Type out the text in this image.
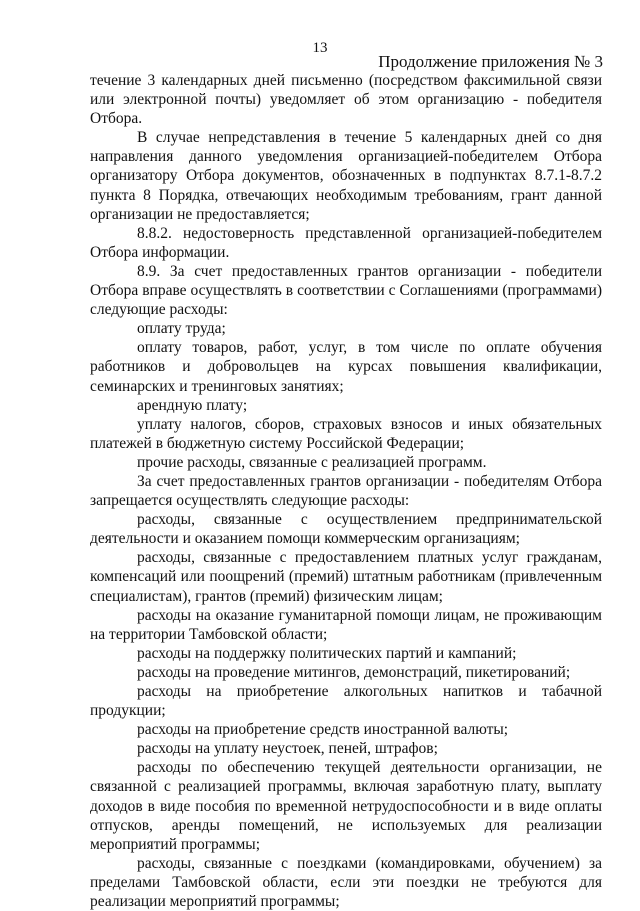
13
Продолжение приложения № 3

течение 3 календарных дней письменно (посредством факсимильной связи или электронной почты) уведомляет об этом организацию - победителя Отбора.

В случае непредставления в течение 5 календарных дней со дня направления данного уведомления организацией-победителем Отбора организатору Отбора документов, обозначенных в подпунктах 8.7.1-8.7.2 пункта 8 Порядка, отвечающих необходимым требованиям, грант данной организации не предоставляется;

8.8.2. недостоверность представленной организацией-победителем Отбора информации.

8.9. За счет предоставленных грантов организации - победители Отбора вправе осуществлять в соответствии с Соглашениями (программами) следующие расходы:

оплату труда;

оплату товаров, работ, услуг, в том числе по оплате обучения работников и добровольцев на курсах повышения квалификации, семинарских и тренинговых занятиях;

арендную плату;

уплату налогов, сборов, страховых взносов и иных обязательных платежей в бюджетную систему Российской Федерации;

прочие расходы, связанные с реализацией программ.

За счет предоставленных грантов организации - победителям Отбора запрещается осуществлять следующие расходы:

расходы, связанные с осуществлением предпринимательской деятельности и оказанием помощи коммерческим организациям;

расходы, связанные с предоставлением платных услуг гражданам, компенсаций или поощрений (премий) штатным работникам (привлеченным специалистам), грантов (премий) физическим лицам;

расходы на оказание гуманитарной помощи лицам, не проживающим на территории Тамбовской области;

расходы на поддержку политических партий и кампаний;

расходы на проведение митингов, демонстраций, пикетирований;

расходы на приобретение алкогольных напитков и табачной продукции;

расходы на приобретение средств иностранной валюты;

расходы на уплату неустоек, пеней, штрафов;

расходы по обеспечению текущей деятельности организации, не связанной с реализацией программы, включая заработную плату, выплату доходов в виде пособия по временной нетрудоспособности и в виде оплаты отпусков, аренды помещений, не используемых для реализации мероприятий программы;

расходы, связанные с поездками (командировками, обучением) за пределами Тамбовской области, если эти поездки не требуются для реализации мероприятий программы;
